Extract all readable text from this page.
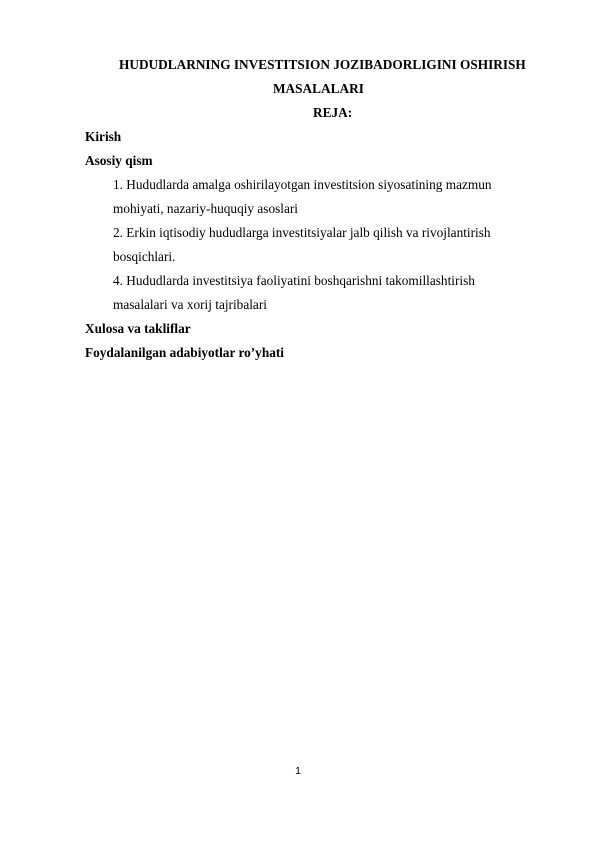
HUDUDLARNING INVESTITSION JOZIBADORLIGINI OSHIRISH
MASALALARI
REJA:
Kirish
Asosiy qism
1. Hududlarda amalga oshirilayotgan investitsion siyosatining mazmun
mohiyati, nazariy-huquqiy asoslari
2. Erkin iqtisodiy hududlarga investitsiyalar jalb qilish va rivojlantirish
bosqichlari.
4. Hududlarda investitsiya faoliyatini boshqarishni takomillashtirish
masalalari va xorij tajribalari
Xulosa va takliflar
Foydalanilgan adabiyotlar ro’yhati
1
